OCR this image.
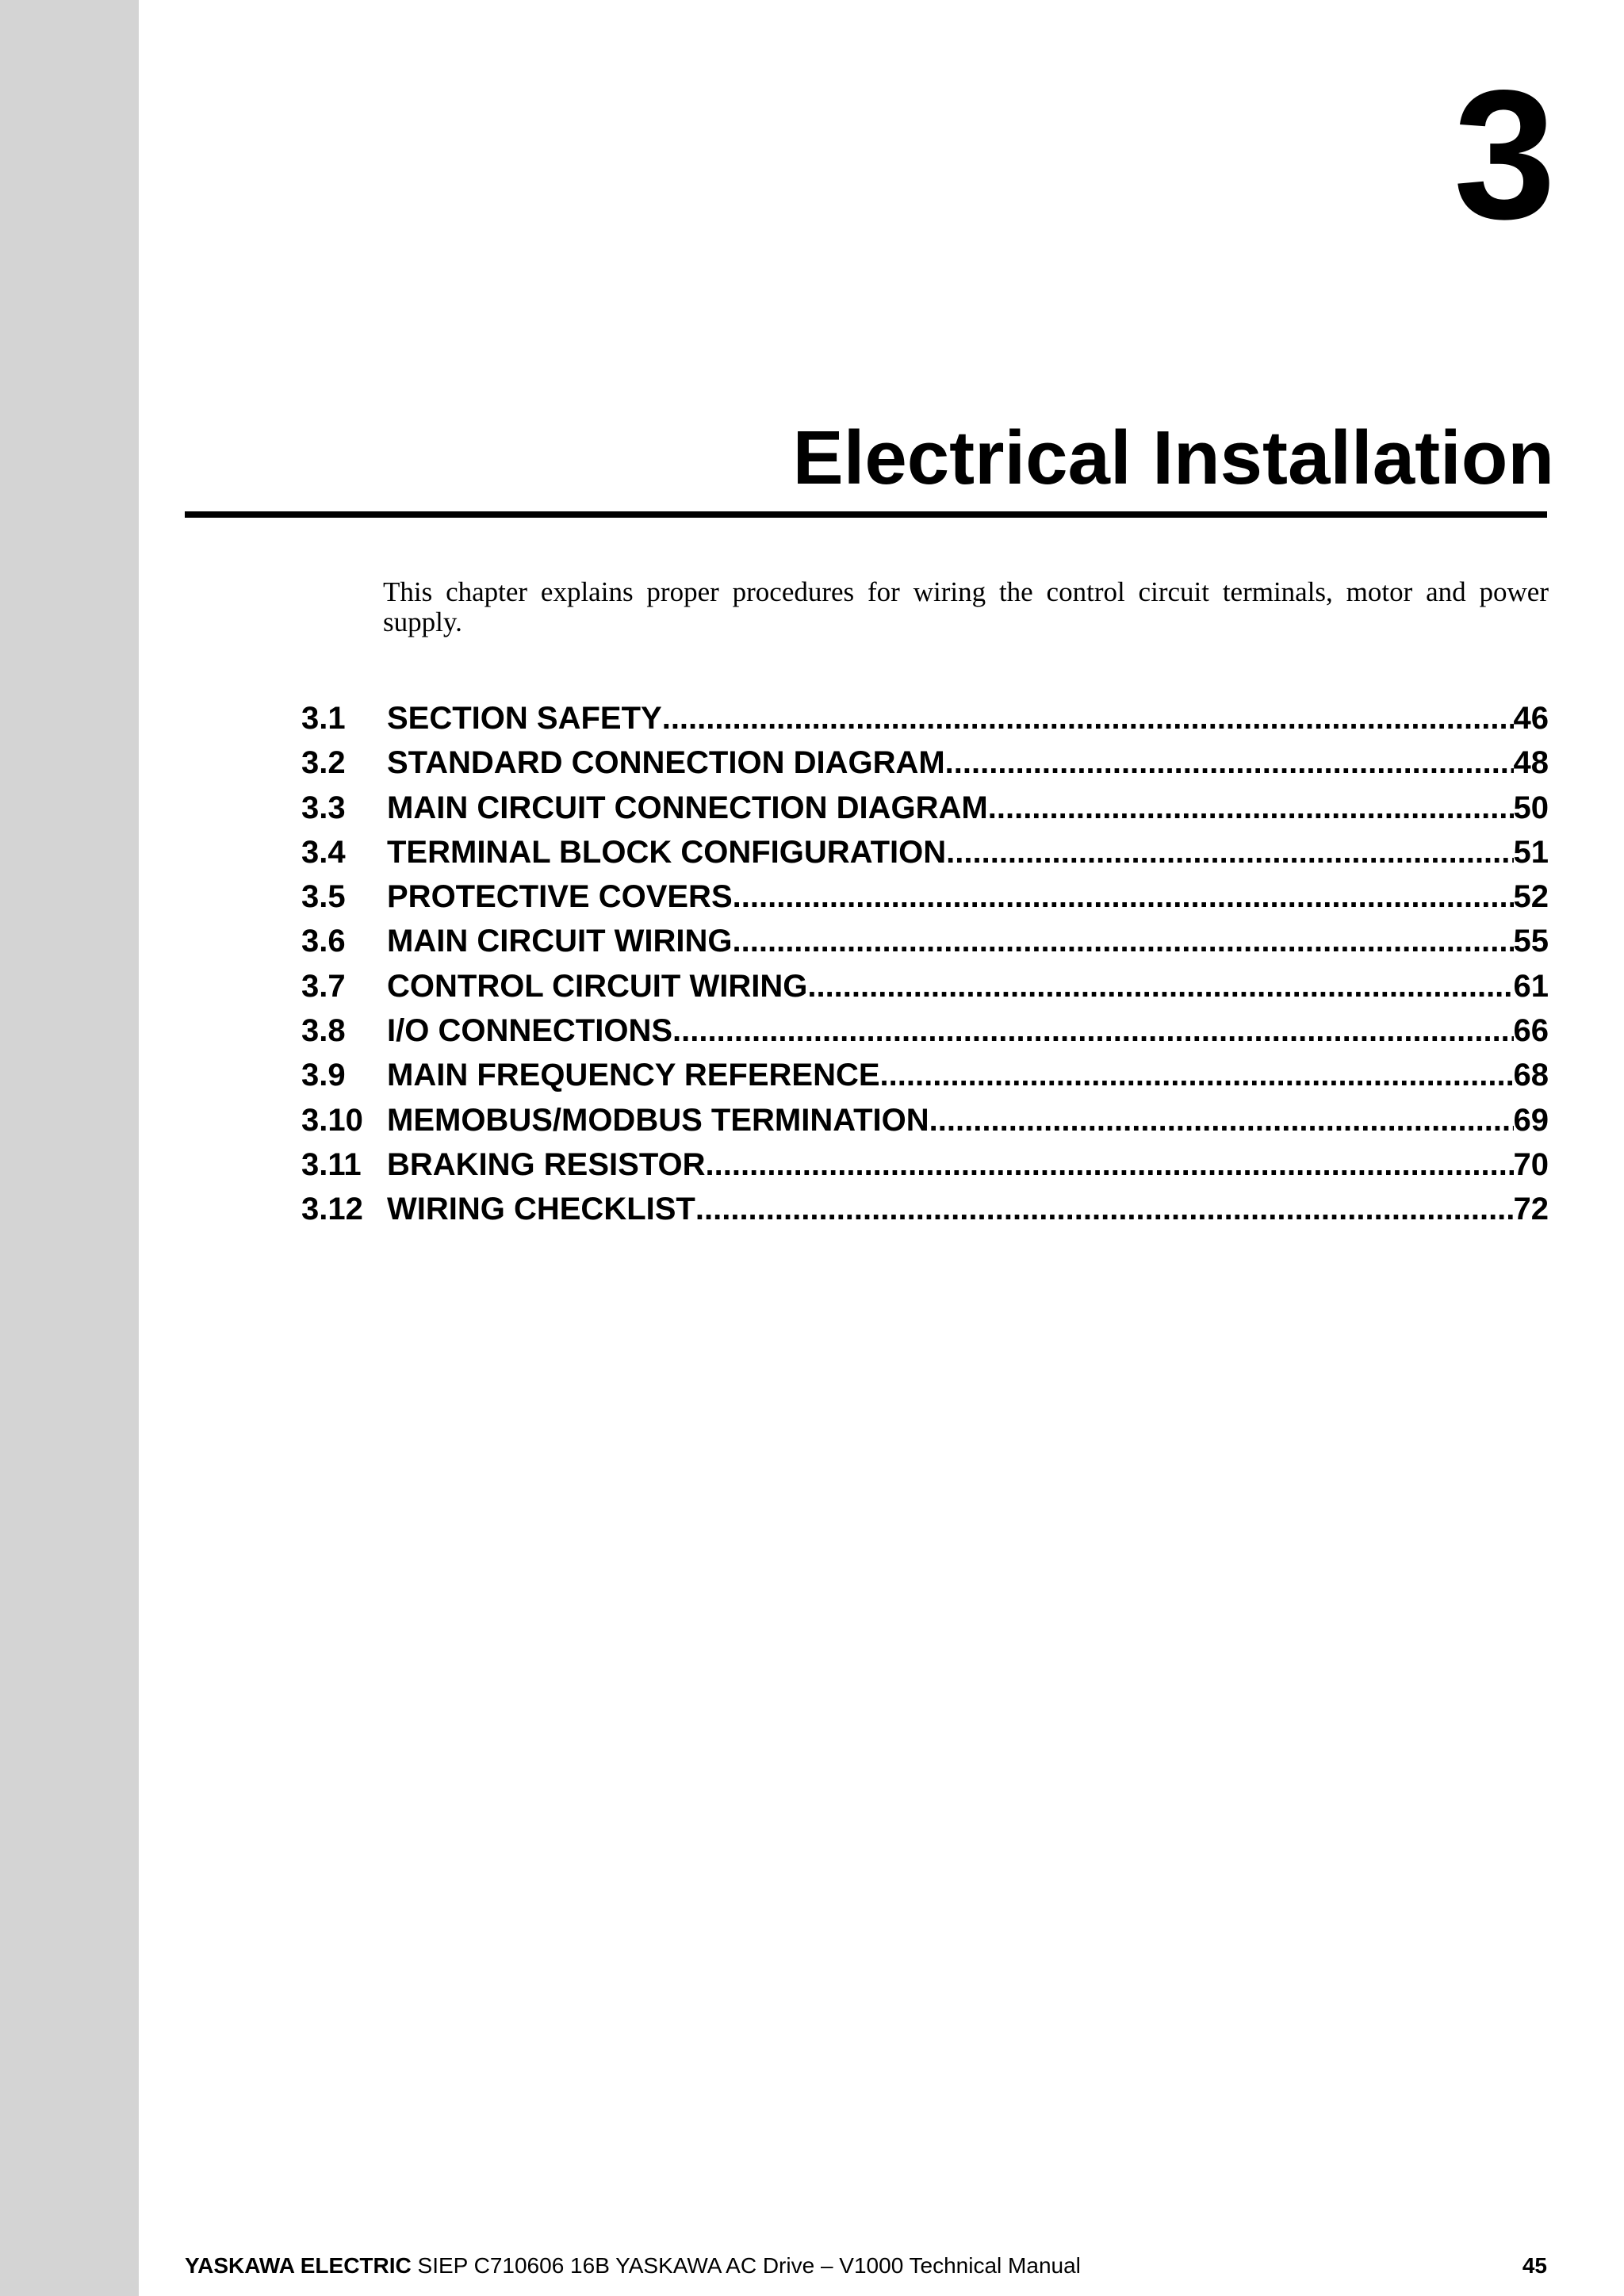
3
Electrical Installation
This chapter explains proper procedures for wiring the control circuit terminals, motor and power supply.
3.1	SECTION SAFETY .....	46
3.2	STANDARD CONNECTION DIAGRAM .....	48
3.3	MAIN CIRCUIT CONNECTION DIAGRAM .....	50
3.4	TERMINAL BLOCK CONFIGURATION .....	51
3.5	PROTECTIVE COVERS .....	52
3.6	MAIN CIRCUIT WIRING .....	55
3.7	CONTROL CIRCUIT WIRING .....	61
3.8	I/O CONNECTIONS .....	66
3.9	MAIN FREQUENCY REFERENCE .....	68
3.10 MEMOBUS/MODBUS TERMINATION .....	69
3.11 BRAKING RESISTOR .....	70
3.12 WIRING CHECKLIST .....	72
YASKAWA ELECTRIC SIEP C710606 16B YASKAWA AC Drive – V1000 Technical Manual	45
